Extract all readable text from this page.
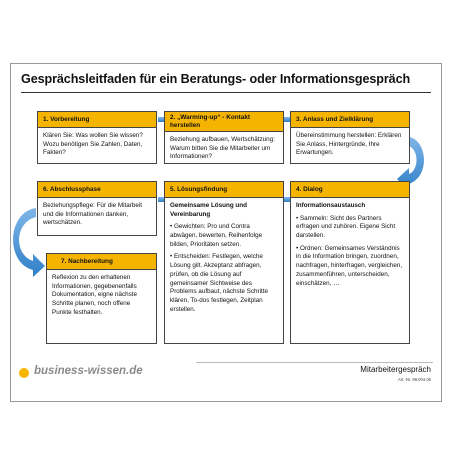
Gesprächsleitfaden für ein Beratungs- oder Informationsgespräch
1. Vorbereitung

Klären Sie: Was wollen Sie wissen? Wozu benötigen Sie Zahlen, Daten, Fakten?

2. „Warming-up“ - Kontakt herstellen

Beziehung aufbauen, Wertschätzung: Warum bitten Sie die Mitarbeiter um Informationen?

3. Anlass und Zielklärung

Übereinstimmung herstellen: Erklären Sie Anlass, Hintergründe, Ihre Erwartungen.

6. Abschlussphase

Beziehungspflege: Für die Mitarbeit und die Informationen danken, wertschätzen.

5. Lösungsfindung

Gemeinsame Lösung und Vereinbarung

• Gewichten: Pro und Contra abwägen, bewerten, Reihenfolge bilden, Prioritäten setzen.

• Entscheiden: Festlegen, welche Lösung gilt. Akzeptanz abfragen, prüfen, ob die Lösung auf gemeinsamer Sichtweise des Problems aufbaut, nächste Schritte klären, To-dos festlegen, Zeitplan erstellen.

4. Dialog

Informationsaustausch

• Sammeln: Sicht des Partners erfragen und zuhören. Eigene Sicht darstellen.

• Ordnen: Gemeinsames Verständnis in die Information bringen, zuordnen, nachfragen, hinterfragen, vergleichen, zusammenführen, unterscheiden, einschätzen, …

7. Nachbereitung

Reflexion zu den erhaltenen Informationen, gegebenenfalls Dokumentation, eigne nächste Schritte planen, noch offene Punkte festhalten.

business-wissen.de	Mitarbeitergespräch
Art.-Nr. 99.004.06
